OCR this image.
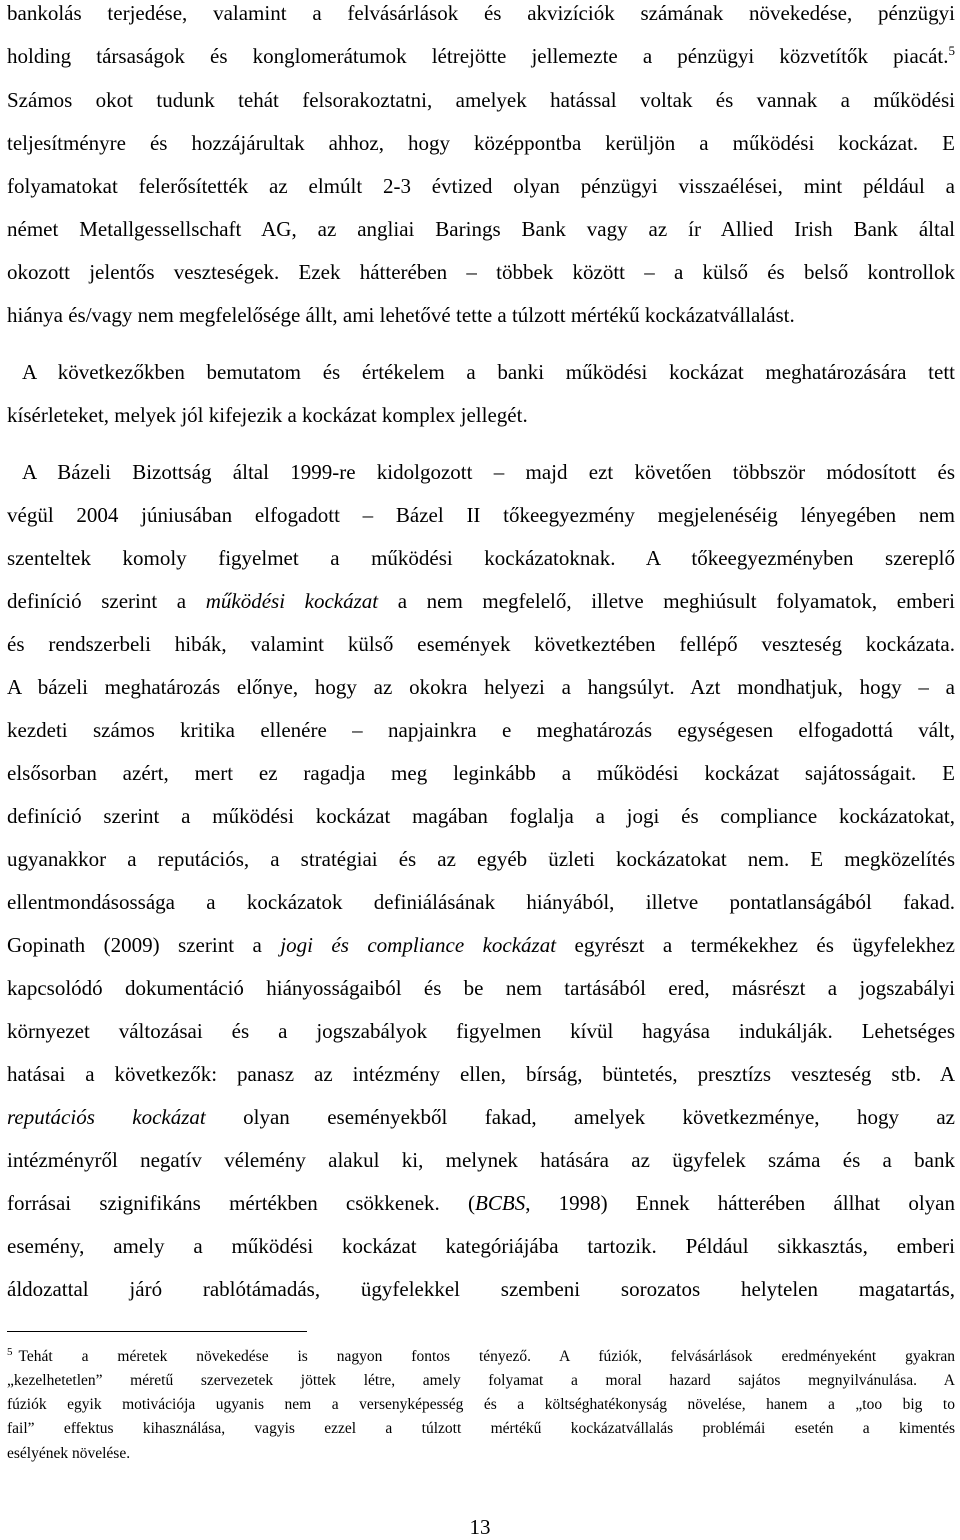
bankolás terjedése, valamint a felvásárlások és akvizíciók számának növekedése, pénzügyi
holding társaságok és konglomerátumok létrejötte jellemezte a pénzügyi közvetítők piacát.$^5$
Számos okot tudunk tehát felsorakoztatni, amelyek hatással voltak és vannak a működési
teljesítményre és hozzájárultak ahhoz, hogy középpontba kerüljön a működési kockázat. E
folyamatokat felerősítették az elmúlt 2-3 évtized olyan pénzügyi visszaélései, mint például a
német Metallgessellschaft AG, az angliai Barings Bank vagy az ír Allied Irish Bank által
okozott jelentős veszteségek. Ezek hátterében – többek között – a külső és belső kontrollok
hiánya és/vagy nem megfelelősége állt, ami lehetővé tette a túlzott mértékű kockázatvállalást.
A következőkben bemutatom és értékelem a banki működési kockázat meghatározására tett
kísérleteket, melyek jól kifejezik a kockázat komplex jellegét.
A Bázeli Bizottság által 1999-re kidolgozott – majd ezt követően többször módosított és
végül 2004 júniusában elfogadott – Bázel II tőkeegyezmény megjelenéséig lényegében nem
szenteltek komoly figyelmet a működési kockázatoknak. A tőkeegyezményben szereplő
definíció szerint a működési kockázat a nem megfelelő, illetve meghiúsult folyamatok, emberi
és rendszerbeli hibák, valamint külső események következtében fellépő veszteség kockázata.
A bázeli meghatározás előnye, hogy az okokra helyezi a hangsúlyt. Azt mondhatjuk, hogy – a
kezdeti számos kritika ellenére – napjainkra e meghatározás egységesen elfogadottá vált,
elsősorban azért, mert ez ragadja meg leginkább a működési kockázat sajátosságait. E
definíció szerint a működési kockázat magában foglalja a jogi és compliance kockázatokat,
ugyanakkor a reputációs, a stratégiai és az egyéb üzleti kockázatokat nem. E megközelítés
ellentmondásossága a kockázatok definiálásának hiányából, illetve pontatlanságából fakad.
Gopinath (2009) szerint a jogi és compliance kockázat egyrészt a termékekhez és ügyfelekhez
kapcsolódó dokumentáció hiányosságaiból és be nem tartásából ered, másrészt a jogszabályi
környezet változásai és a jogszabályok figyelmen kívül hagyása indukálják. Lehetséges
hatásai a következők: panasz az intézmény ellen, bírság, büntetés, presztízs veszteség stb. A
reputációs kockázat olyan eseményekből fakad, amelyek következménye, hogy az
intézményről negatív vélemény alakul ki, melynek hatására az ügyfelek száma és a bank
forrásai szignifikáns mértékben csökkenek. (BCBS, 1998) Ennek hátterében állhat olyan
esemény, amely a működési kockázat kategóriájába tartozik. Például sikkasztás, emberi
áldozattal járó rablótámadás, ügyfelekkel szembeni sorozatos helytelen magatartás,
$^5$ Tehát a méretek növekedése is nagyon fontos tényező. A fúziók, felvásárlások eredményeként gyakran
„kezelhetetlen” méretű szervezetek jöttek létre, amely folyamat a moral hazard sajátos megnyilvánulása. A
fúziók egyik motivációja ugyanis nem a versenyképesség és a költséghatékonyság növelése, hanem a „too big to
fail” effektus kihasználása, vagyis ezzel a túlzott mértékű kockázatvállalás problémái esetén a kimentés
esélyének növelése.
13
